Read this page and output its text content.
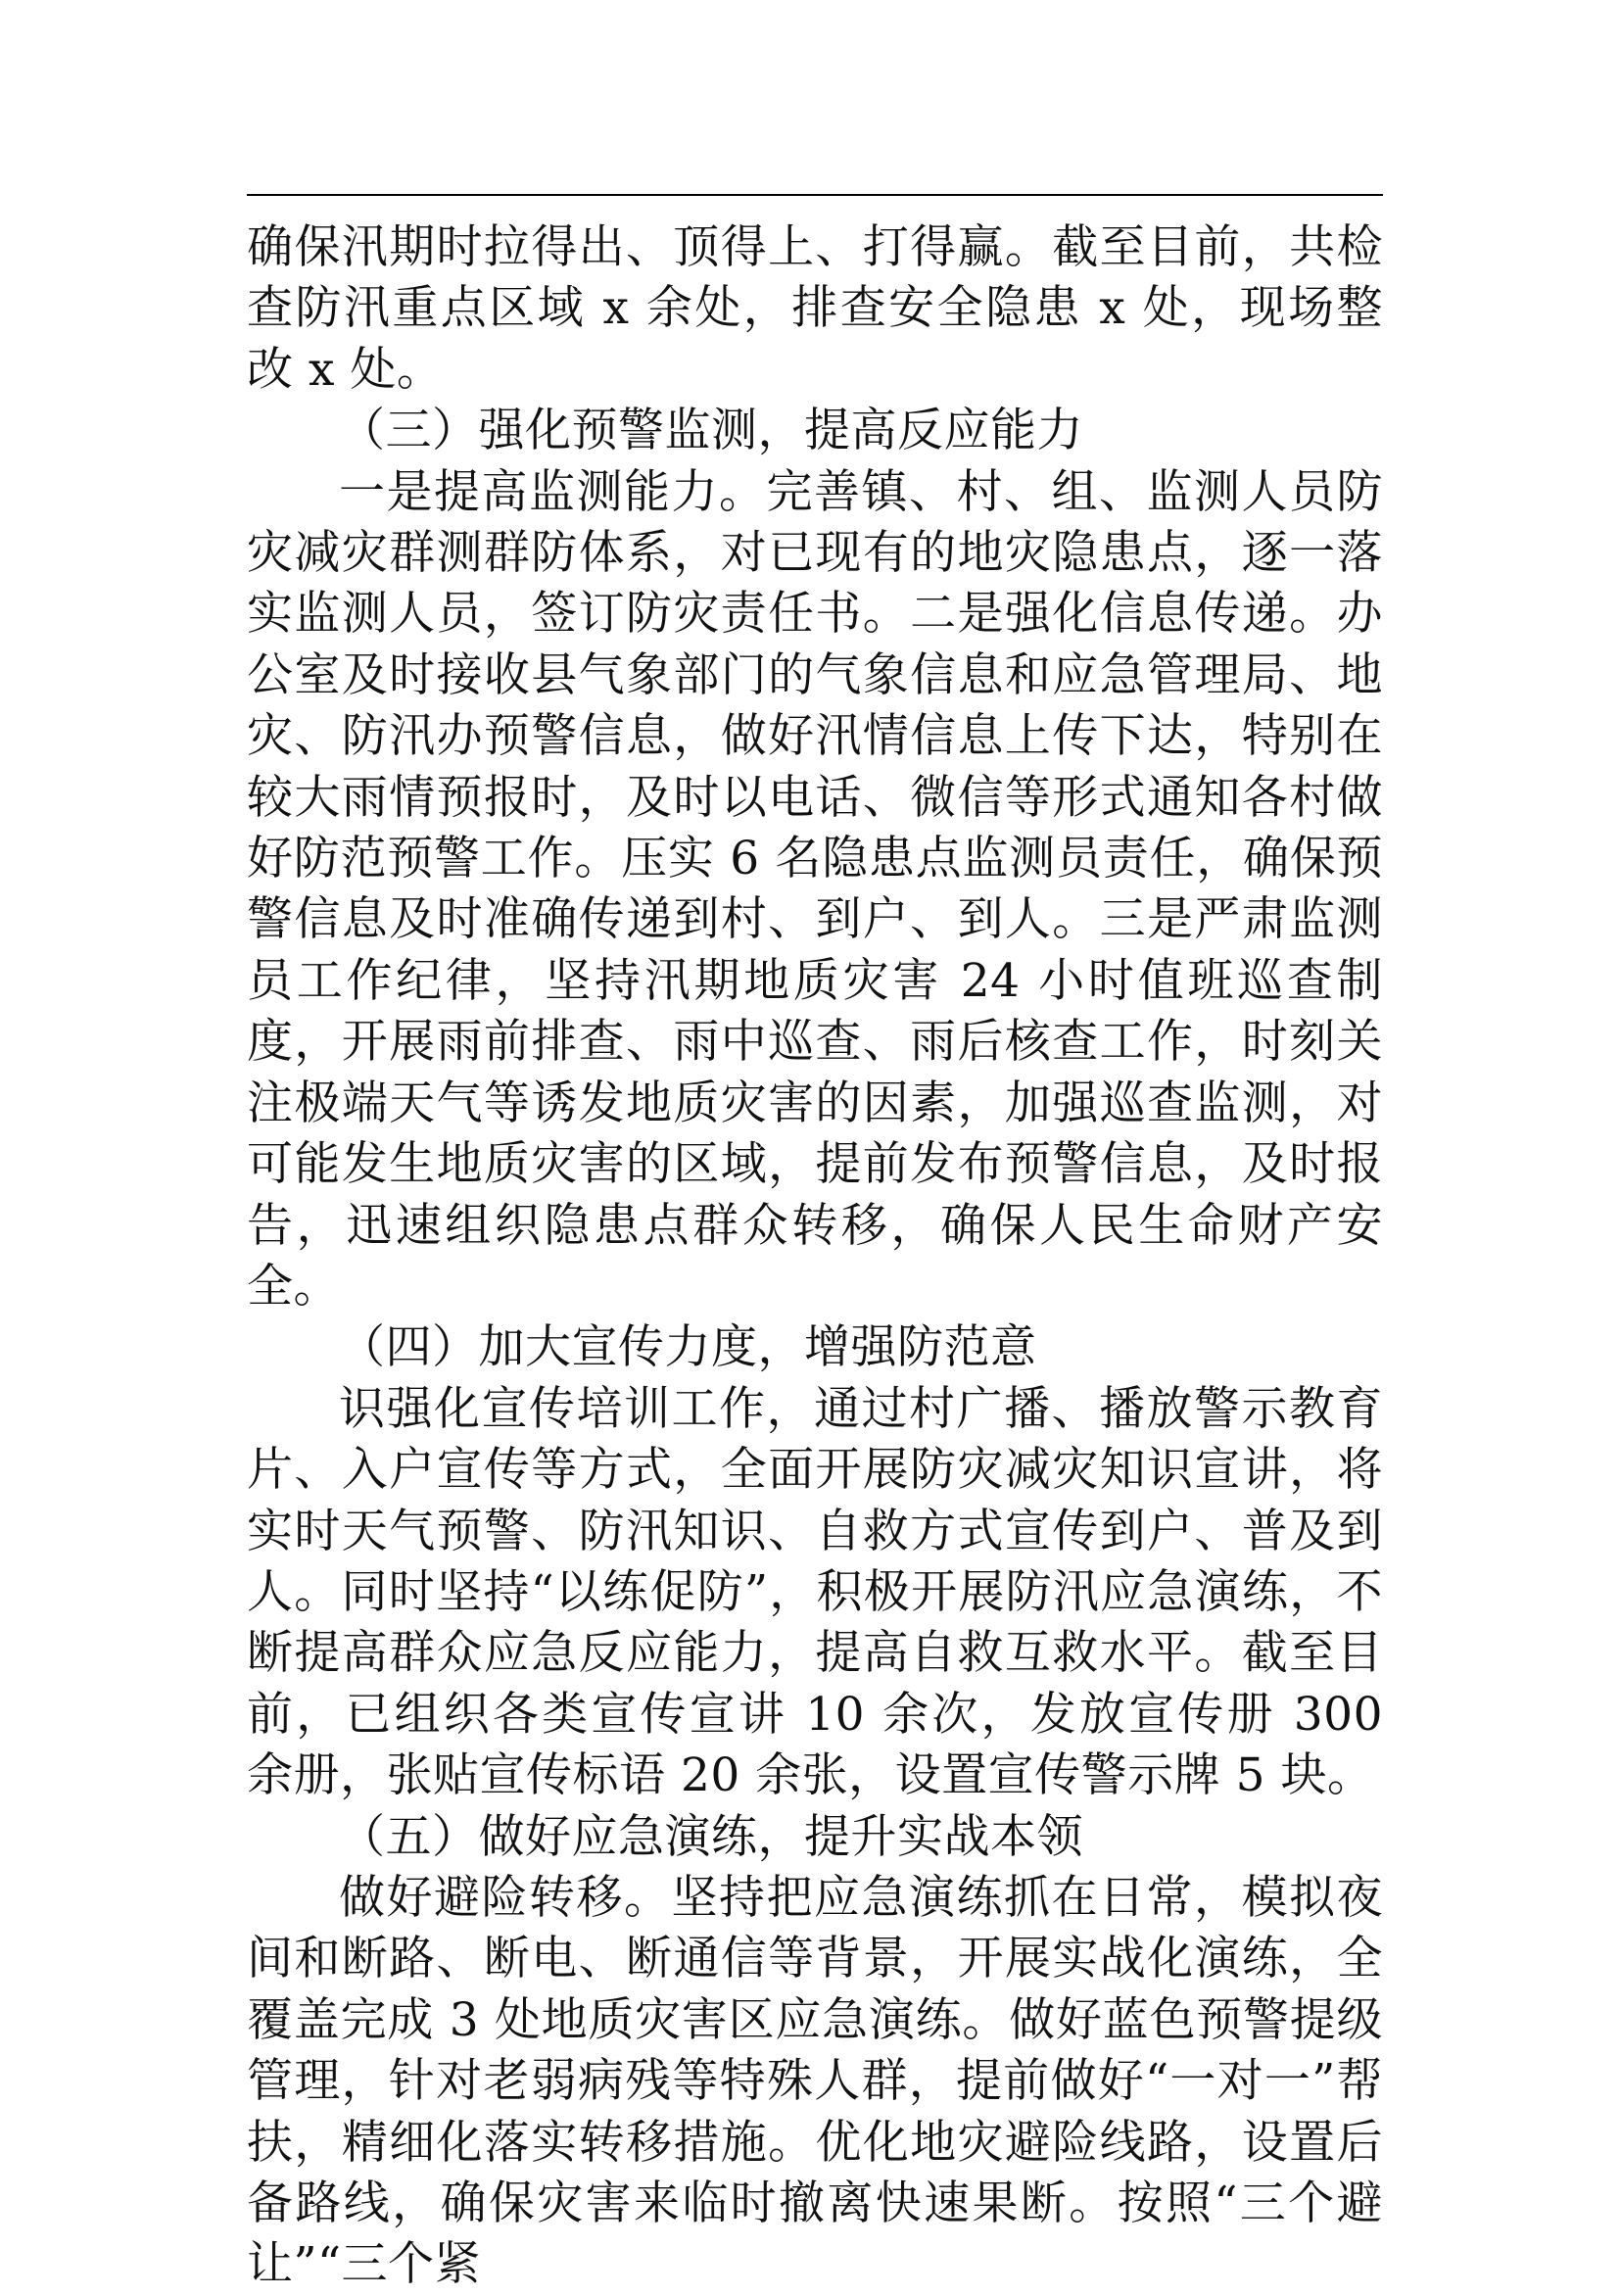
确保汛期时拉得出、顶得上、打得赢。截至目前，共检查防汛重点区域 x 余处，排查安全隐患 x 处，现场整改 x 处。

（三）强化预警监测，提高反应能力

一是提高监测能力。完善镇、村、组、监测人员防灾减灾群测群防体系，对已现有的地灾隐患点，逐一落实监测人员，签订防灾责任书。二是强化信息传递。办公室及时接收县气象部门的气象信息和应急管理局、地灾、防汛办预警信息，做好汛情信息上传下达，特别在较大雨情预报时，及时以电话、微信等形式通知各村做好防范预警工作。压实 6 名隐患点监测员责任，确保预警信息及时准确传递到村、到户、到人。三是严肃监测员工作纪律，坚持汛期地质灾害 24 小时值班巡查制度，开展雨前排查、雨中巡查、雨后核查工作，时刻关注极端天气等诱发地质灾害的因素，加强巡查监测，对可能发生地质灾害的区域，提前发布预警信息，及时报告，迅速组织隐患点群众转移，确保人民生命财产安全。

（四）加大宣传力度，增强防范意

识强化宣传培训工作，通过村广播、播放警示教育片、入户宣传等方式，全面开展防灾减灾知识宣讲，将实时天气预警、防汛知识、自救方式宣传到户、普及到人。同时坚持“以练促防”，积极开展防汛应急演练，不断提高群众应急反应能力，提高自救互救水平。截至目前，已组织各类宣传宣讲 10 余次，发放宣传册 300 余册，张贴宣传标语 20 余张，设置宣传警示牌 5 块。

（五）做好应急演练，提升实战本领

做好避险转移。坚持把应急演练抓在日常，模拟夜间和断路、断电、断通信等背景，开展实战化演练，全覆盖完成 3 处地质灾害区应急演练。做好蓝色预警提级管理，针对老弱病残等特殊人群，提前做好“一对一”帮扶，精细化落实转移措施。优化地灾避险线路，设置后备路线，确保灾害来临时撤离快速果断。按照“三个避让”“三个紧
